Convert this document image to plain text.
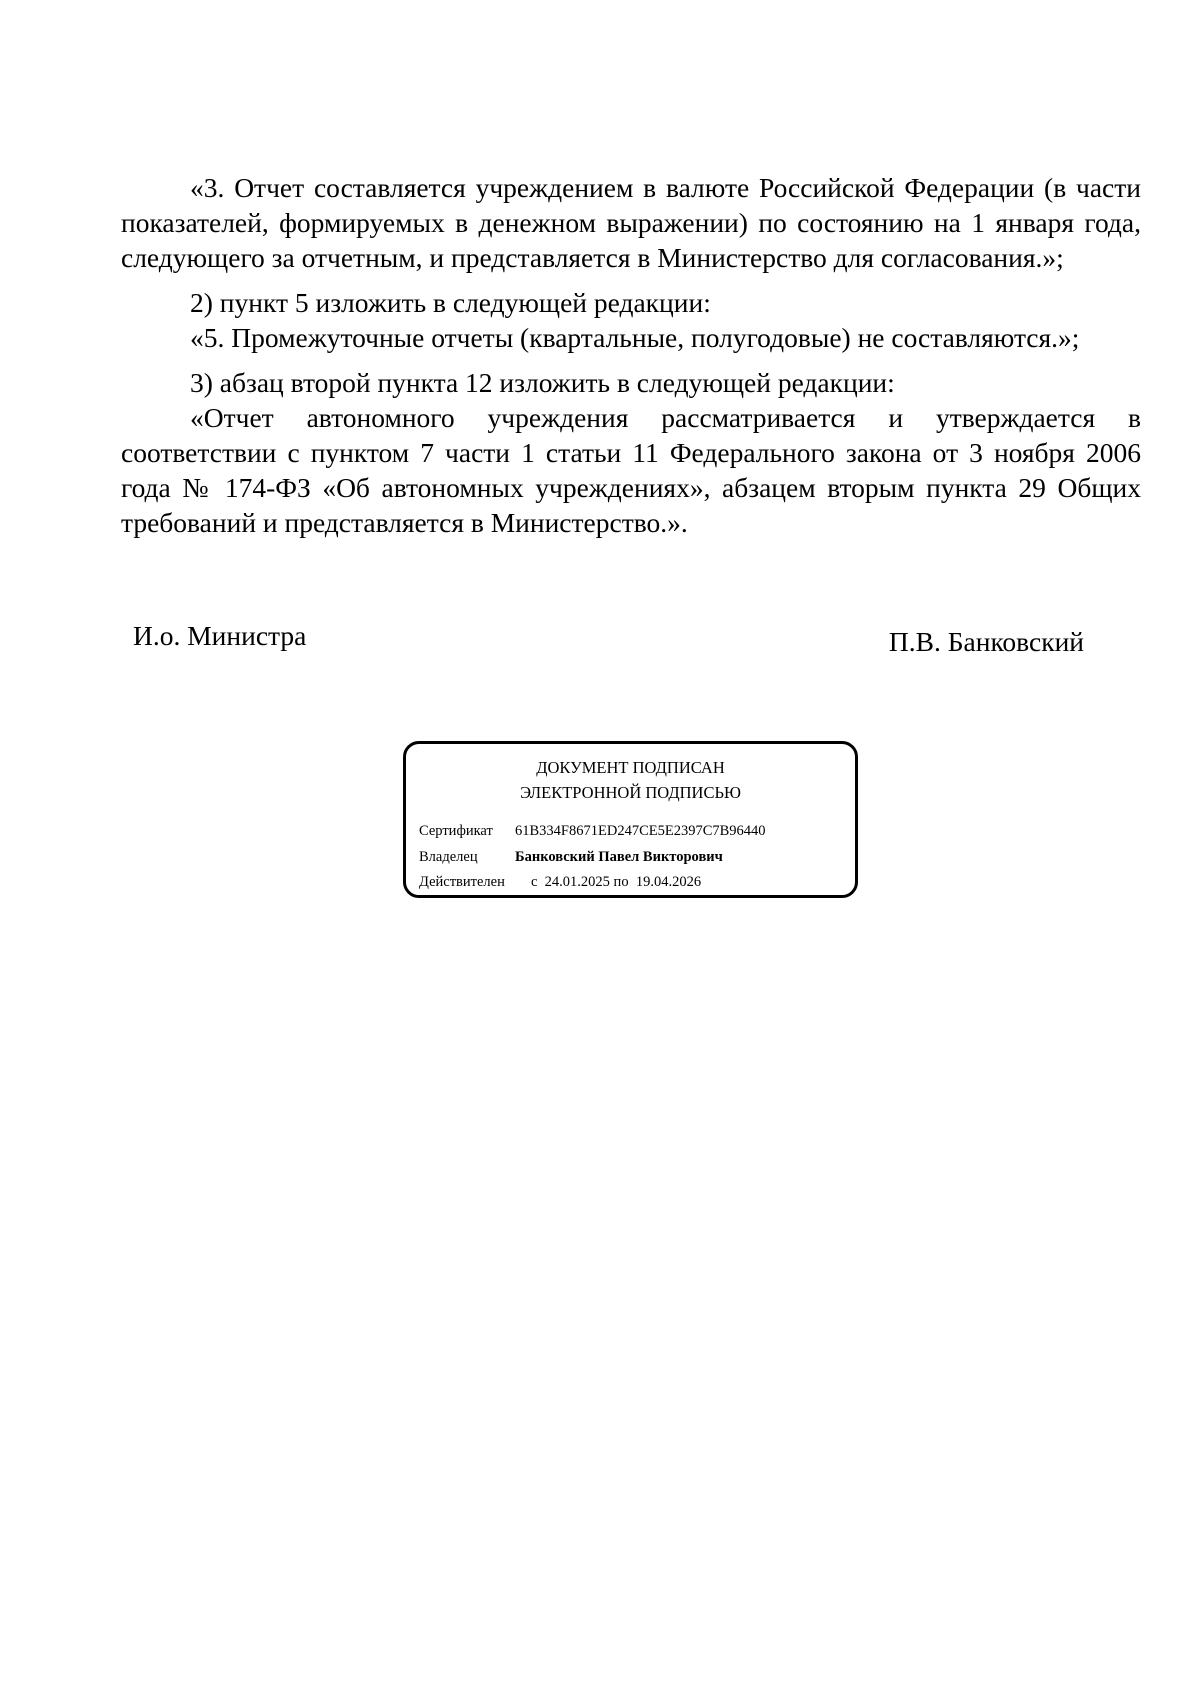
«3. Отчет составляется учреждением в валюте Российской Федерации (в части показателей, формируемых в денежном выражении) по состоянию на 1 января года, следующего за отчетным, и представляется в Министерство для согласования.»;

2) пункт 5 изложить в следующей редакции:

«5. Промежуточные отчеты (квартальные, полугодовые) не составляются.»;

3) абзац второй пункта 12 изложить в следующей редакции:

«Отчет автономного учреждения рассматривается и утверждается в соответствии с пунктом 7 части 1 статьи 11 Федерального закона от 3 ноября 2006 года № 174-ФЗ «Об автономных учреждениях», абзацем вторым пункта 29 Общих требований и представляется в Министерство.».

И.о. Министра	П.В. Банковский
ДОКУМЕНТ ПОДПИСАН
ЭЛЕКТРОННОЙ ПОДПИСЬЮ
Сертификат 61B334F8671ED247CE5E2397C7B96440
Владелец	Банковский Павел Викторович
Действителен с  24.01.2025 по  19.04.2026
